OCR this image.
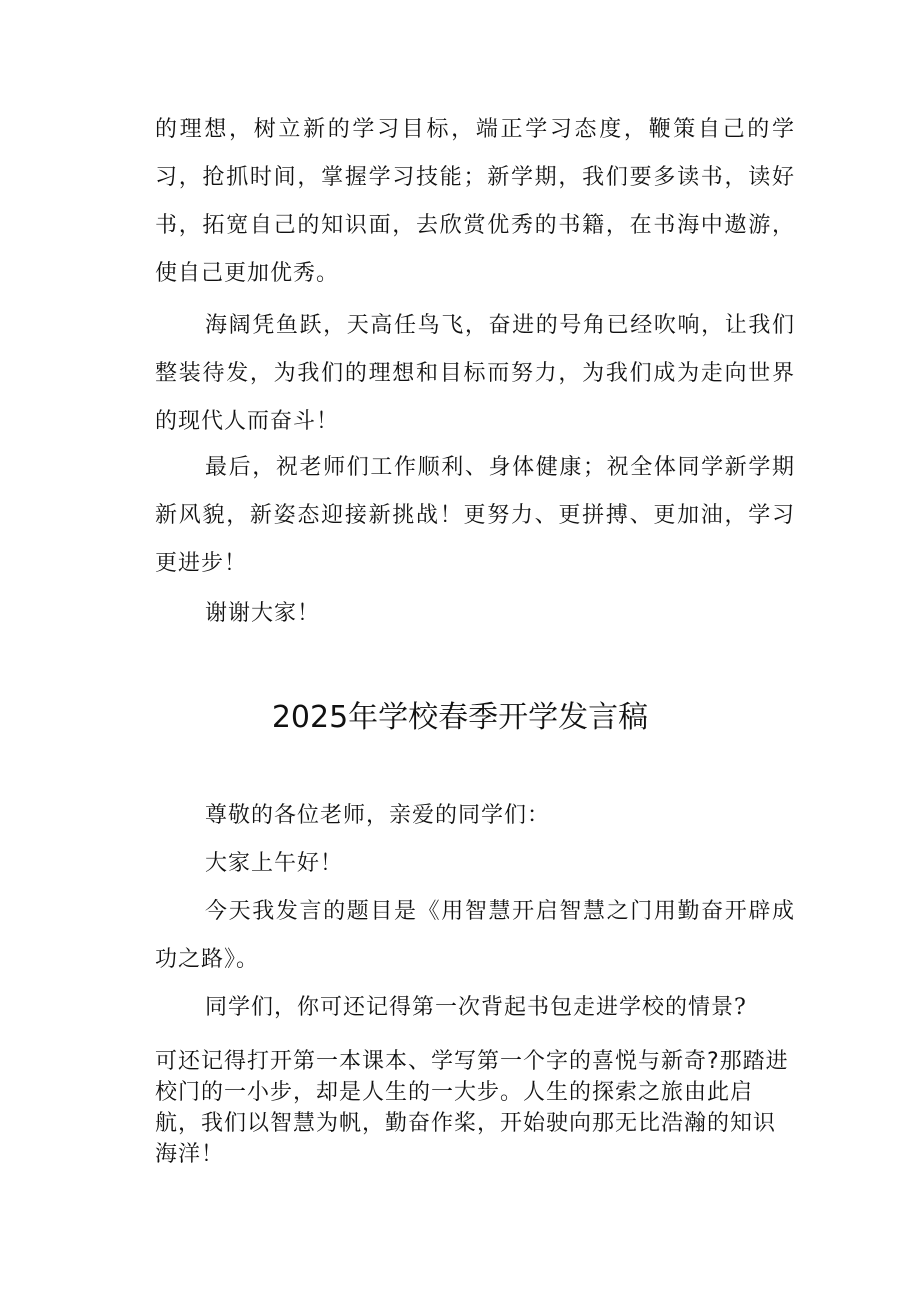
的理想，树立新的学习目标，端正学习态度，鞭策自己的学习，抢抓时间，掌握学习技能；新学期，我们要多读书，读好书，拓宽自己的知识面，去欣赏优秀的书籍，在书海中遨游，使自己更加优秀。

海阔凭鱼跃，天高任鸟飞，奋进的号角已经吹响，让我们整装待发，为我们的理想和目标而努力，为我们成为走向世界的现代人而奋斗！

最后，祝老师们工作顺利、身体健康；祝全体同学新学期新风貌，新姿态迎接新挑战！更努力、更拼搏、更加油，学习更进步！

谢谢大家！

2025年学校春季开学发言稿

尊敬的各位老师，亲爱的同学们：

大家上午好！

今天我发言的题目是《用智慧开启智慧之门用勤奋开辟成功之路》。

同学们，你可还记得第一次背起书包走进学校的情景?

可还记得打开第一本课本、学写第一个字的喜悦与新奇?那踏进校门的一小步，却是人生的一大步。人生的探索之旅由此启航，我们以智慧为帆，勤奋作桨，开始驶向那无比浩瀚的知识海洋！
